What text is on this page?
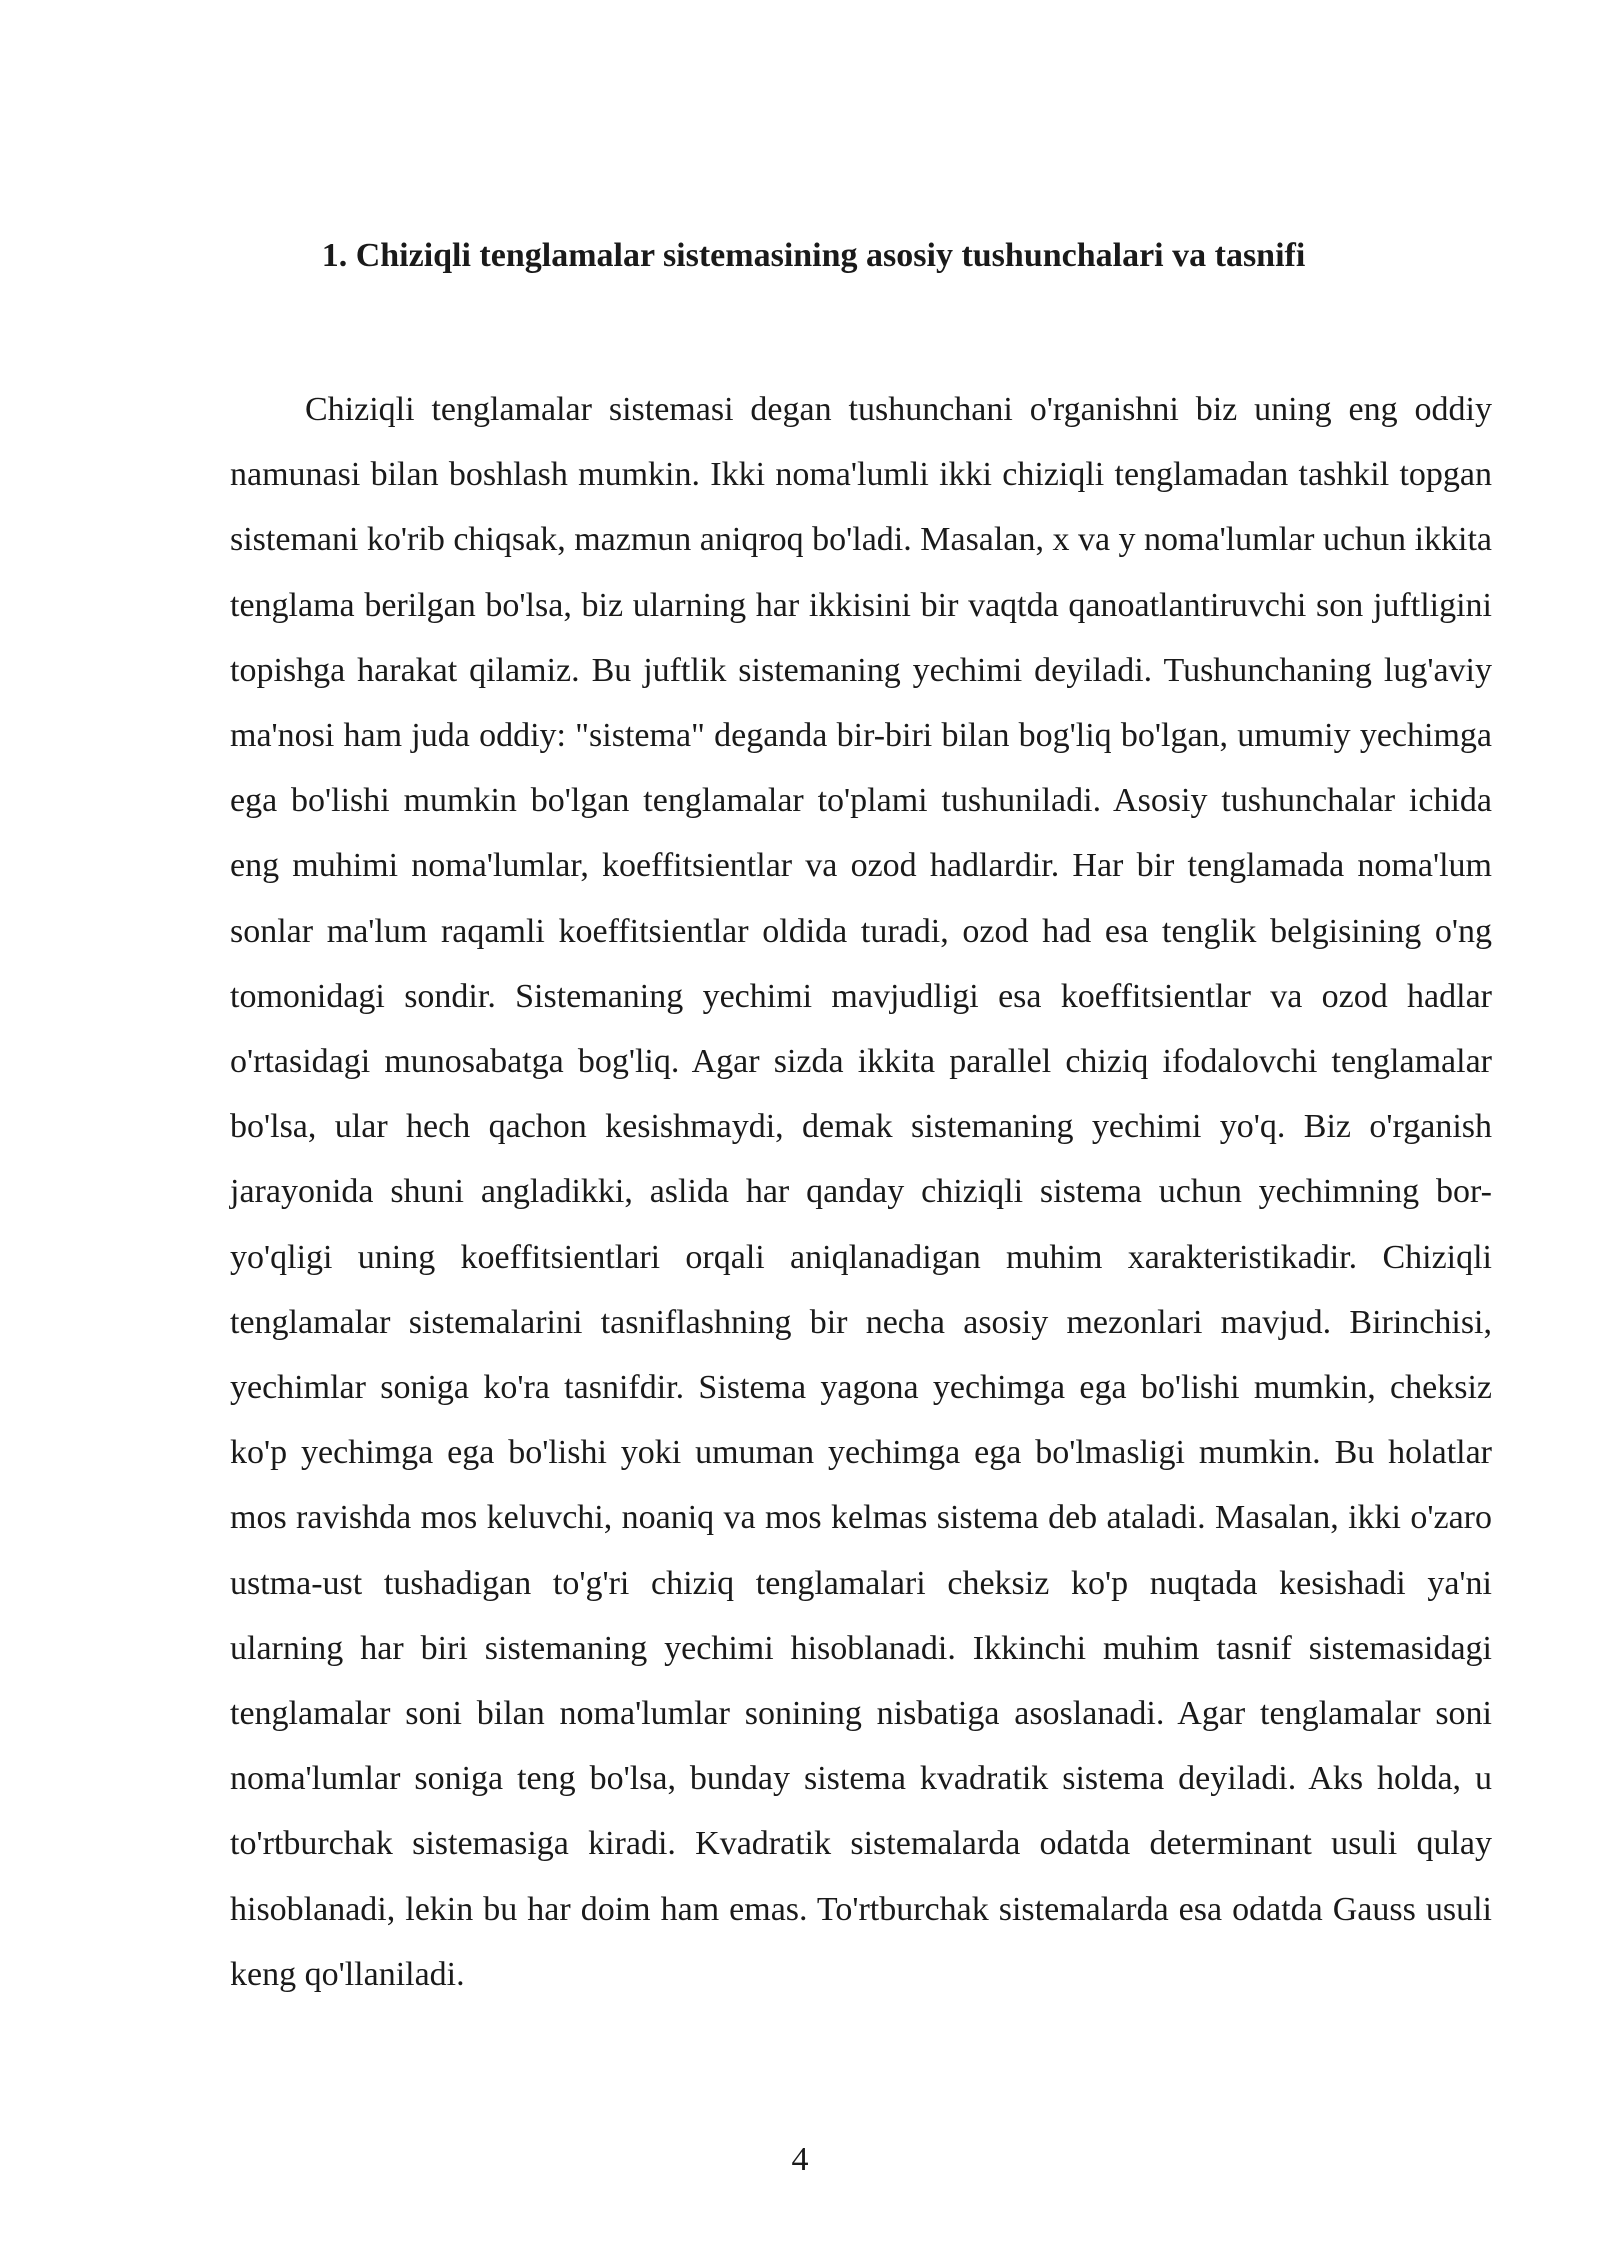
1. Chiziqli tenglamalar sistemasining asosiy tushunchalari va tasnifi

Chiziqli tenglamalar sistemasi degan tushunchani o'rganishni biz uning eng oddiy namunasi bilan boshlash mumkin. Ikki noma'lumli ikki chiziqli tenglamadan tashkil topgan sistemani ko'rib chiqsak, mazmun aniqroq bo'ladi. Masalan, x va y noma'lumlar uchun ikkita tenglama berilgan bo'lsa, biz ularning har ikkisini bir vaqtda qanoatlantiruvchi son juftligini topishga harakat qilamiz. Bu juftlik sistemaning yechimi deyiladi. Tushunchaning lug'aviy ma'nosi ham juda oddiy: "sistema" deganda bir-biri bilan bog'liq bo'lgan, umumiy yechimga ega bo'lishi mumkin bo'lgan tenglamalar to'plami tushuniladi. Asosiy tushunchalar ichida eng muhimi noma'lumlar, koeffitsientlar va ozod hadlardir. Har bir tenglamada noma'lum sonlar ma'lum raqamli koeffitsientlar oldida turadi, ozod had esa tenglik belgisining o'ng tomonidagi sondir. Sistemaning yechimi mavjudligi esa koeffitsientlar va ozod hadlar o'rtasidagi munosabatga bog'liq. Agar sizda ikkita parallel chiziq ifodalovchi tenglamalar bo'lsa, ular hech qachon kesishmaydi, demak sistemaning yechimi yo'q. Biz o'rganish jarayonida shuni angladikki, aslida har qanday chiziqli sistema uchun yechimning bor-yo'qligi uning koeffitsientlari orqali aniqlanadigan muhim xarakteristikadir. Chiziqli tenglamalar sistemalarini tasniflashning bir necha asosiy mezonlari mavjud. Birinchisi, yechimlar soniga ko'ra tasnifdir. Sistema yagona yechimga ega bo'lishi mumkin, cheksiz ko'p yechimga ega bo'lishi yoki umuman yechimga ega bo'lmasligi mumkin. Bu holatlar mos ravishda mos keluvchi, noaniq va mos kelmas sistema deb ataladi. Masalan, ikki o'zaro ustma-ust tushadigan to'g'ri chiziq tenglamalari cheksiz ko'p nuqtada kesishadi ya'ni ularning har biri sistemaning yechimi hisoblanadi. Ikkinchi muhim tasnif sistemasidagi tenglamalar soni bilan noma'lumlar sonining nisbatiga asoslanadi. Agar tenglamalar soni noma'lumlar soniga teng bo'lsa, bunday sistema kvadratik sistema deyiladi. Aks holda, u to'rtburchak sistemasiga kiradi. Kvadratik sistemalarda odatda determinant usuli qulay hisoblanadi, lekin bu har doim ham emas. To'rtburchak sistemalarda esa odatda Gauss usuli keng qo'llaniladi.

4
